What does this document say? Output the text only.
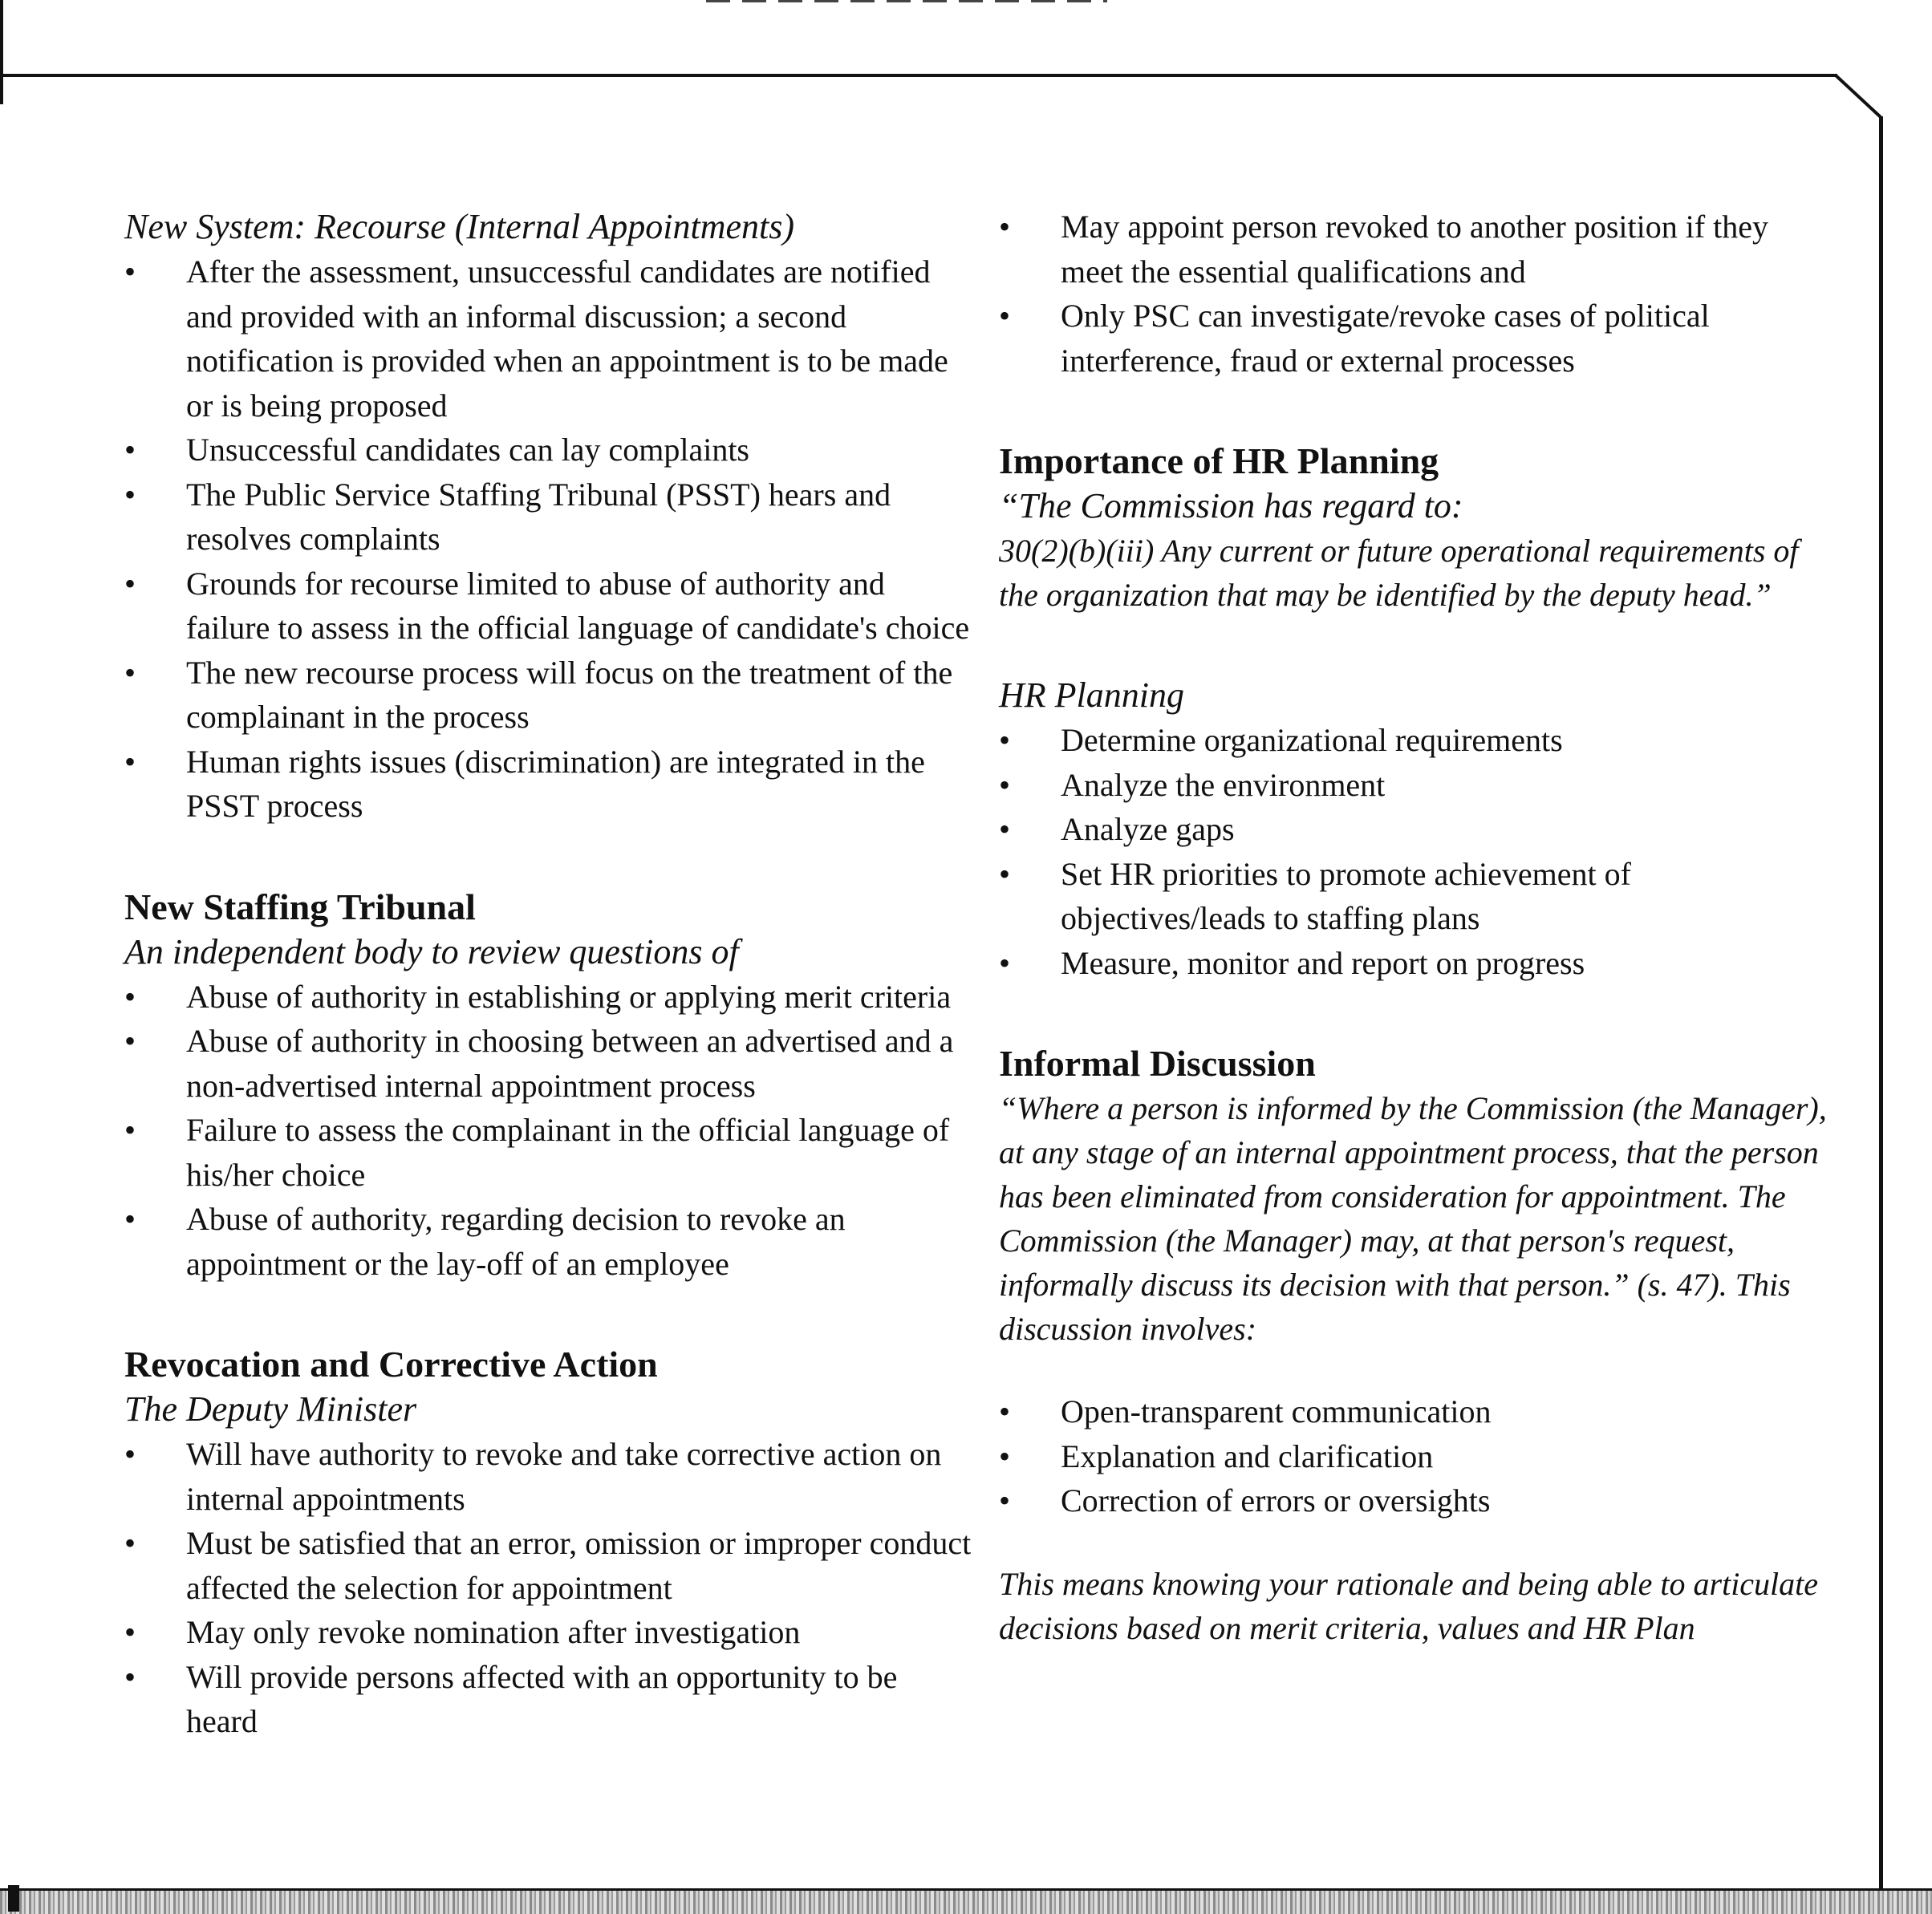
New System: Recourse (Internal Appointments)

• After the assessment, unsuccessful candidates are notified and provided with an informal discussion; a second notification is provided when an appointment is to be made or is being proposed
• Unsuccessful candidates can lay complaints
• The Public Service Staffing Tribunal (PSST) hears and resolves complaints
• Grounds for recourse limited to abuse of authority and failure to assess in the official language of candidate's choice
• The new recourse process will focus on the treatment of the complainant in the process
• Human rights issues (discrimination) are integrated in the PSST process

New Staffing Tribunal

An independent body to review questions of

• Abuse of authority in establishing or applying merit criteria
• Abuse of authority in choosing between an advertised and a non-advertised internal appointment process
• Failure to assess the complainant in the official language of his/her choice
• Abuse of authority, regarding decision to revoke an appointment or the lay-off of an employee

Revocation and Corrective Action

The Deputy Minister

• Will have authority to revoke and take corrective action on internal appointments
• Must be satisfied that an error, omission or improper conduct affected the selection for appointment
• May only revoke nomination after investigation
• Will provide persons affected with an opportunity to be heard
• May appoint person revoked to another position if they meet the essential qualifications and
• Only PSC can investigate/revoke cases of political interference, fraud or external processes

Importance of HR Planning

“The Commission has regard to:

30(2)(b)(iii) Any current or future operational requirements of the organization that may be identified by the deputy head.”

HR Planning

• Determine organizational requirements
• Analyze the environment
• Analyze gaps
• Set HR priorities to promote achievement of objectives/leads to staffing plans
• Measure, monitor and report on progress

Informal Discussion

“Where a person is informed by the Commission (the Manager), at any stage of an internal appointment process, that the person has been eliminated from consideration for appointment. The Commission (the Manager) may, at that person's request, informally discuss its decision with that person.” (s. 47). This discussion involves:

• Open-transparent communication
• Explanation and clarification
• Correction of errors or oversights

This means knowing your rationale and being able to articulate decisions based on merit criteria, values and HR Plan
